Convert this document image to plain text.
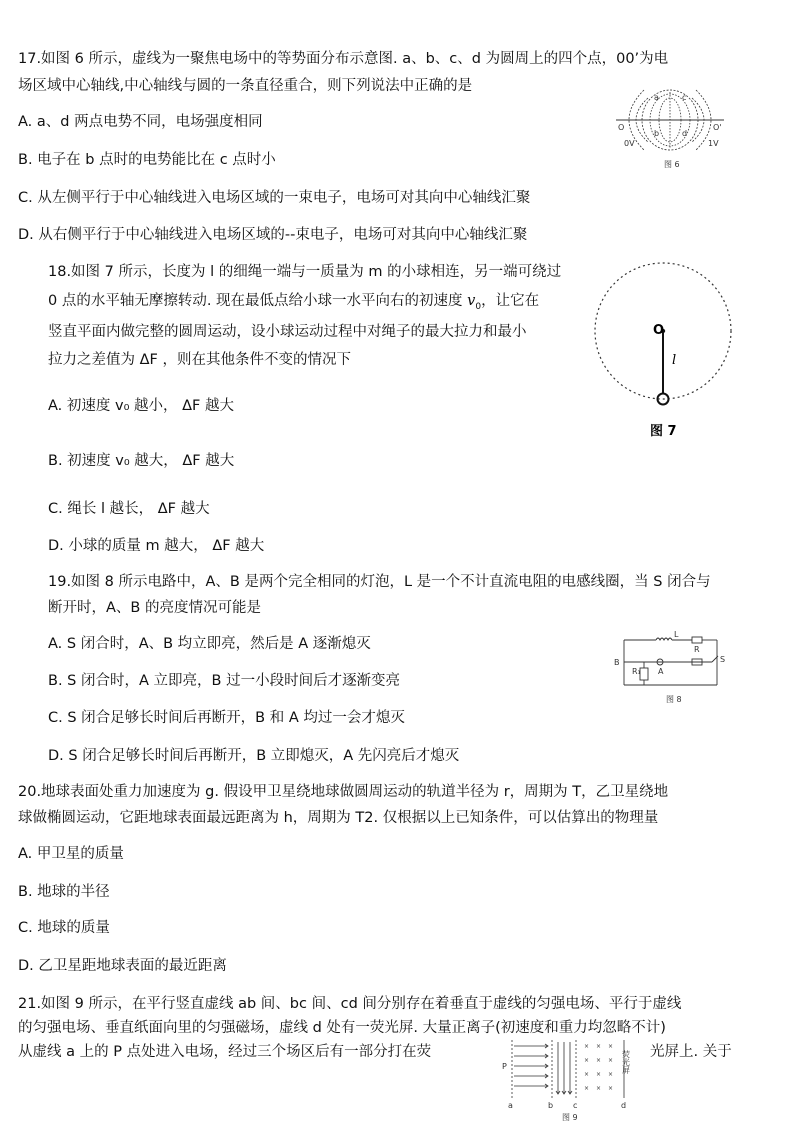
17.如图 6 所示，虚线为一聚焦电场中的等势面分布示意图. a、b、c、d 为圆周上的四个点，00’为电
场区域中心轴线,中心轴线与圆的一条直径重合，则下列说法中正确的是
A. a、d 两点电势不同，电场强度相同
B. 电子在 b 点时的电势能比在 c 点时小
C. 从左侧平行于中心轴线进入电场区域的一束电子，电场可对其向中心轴线汇聚
D. 从右侧平行于中心轴线进入电场区域的--束电子，电场可对其向中心轴线汇聚
O	O'
0V	1V
a
b
c
d
图 6
18.如图 7 所示，长度为 l 的细绳一端与一质量为 m 的小球相连，另一端可绕过
0 点的水平轴无摩擦转动. 现在最低点给小球一水平向右的初速度 $v_0$，让它在
竖直平面内做完整的圆周运动，设小球运动过程中对绳子的最大拉力和最小
拉力之差值为 ΔF ，则在其他条件不变的情况下
A. 初速度 v₀ 越小， ΔF 越大
B. 初速度 v₀ 越大， ΔF 越大
C. 绳长 l 越长， ΔF 越大
D. 小球的质量 m 越大， ΔF 越大
O
l
图 7
19.如图 8 所示电路中，A、B 是两个完全相同的灯泡，L 是一个不计直流电阻的电感线圈，当 S 闭合与
断开时，A、B 的亮度情况可能是
A. S 闭合时，A、B 均立即亮，然后是 A 逐渐熄灭
B. S 闭合时，A 立即亮，B 过一小段时间后才逐渐变亮
C. S 闭合足够长时间后再断开，B 和 A 均过一会才熄灭
D. S 闭合足够长时间后再断开，B 立即熄灭，A 先闪亮后才熄灭
L
R
R₁
S
A
B
图 8
20.地球表面处重力加速度为 g. 假设甲卫星绕地球做圆周运动的轨道半径为 r，周期为 T，乙卫星绕地
球做椭圆运动，它距地球表面最远距离为 h，周期为 T2. 仅根据以上已知条件，可以估算出的物理量
A. 甲卫星的质量
B. 地球的半径
C. 地球的质量
D. 乙卫星距地球表面的最近距离
21.如图 9 所示，在平行竖直虚线 ab 间、bc 间、cd 间分别存在着垂直于虚线的匀强电场、平行于虚线
的匀强电场、垂直纸面向里的匀强磁场，虚线 d 处有一荧光屏. 大量正离子(初速度和重力均忽略不计)
从虚线 a 上的 P 点处进入电场，经过三个场区后有一部分打在荧	光屏上. 关于
× × ×
× × ×
× × ×
× × ×
P
a	b c	d
荧光屏
图 9
